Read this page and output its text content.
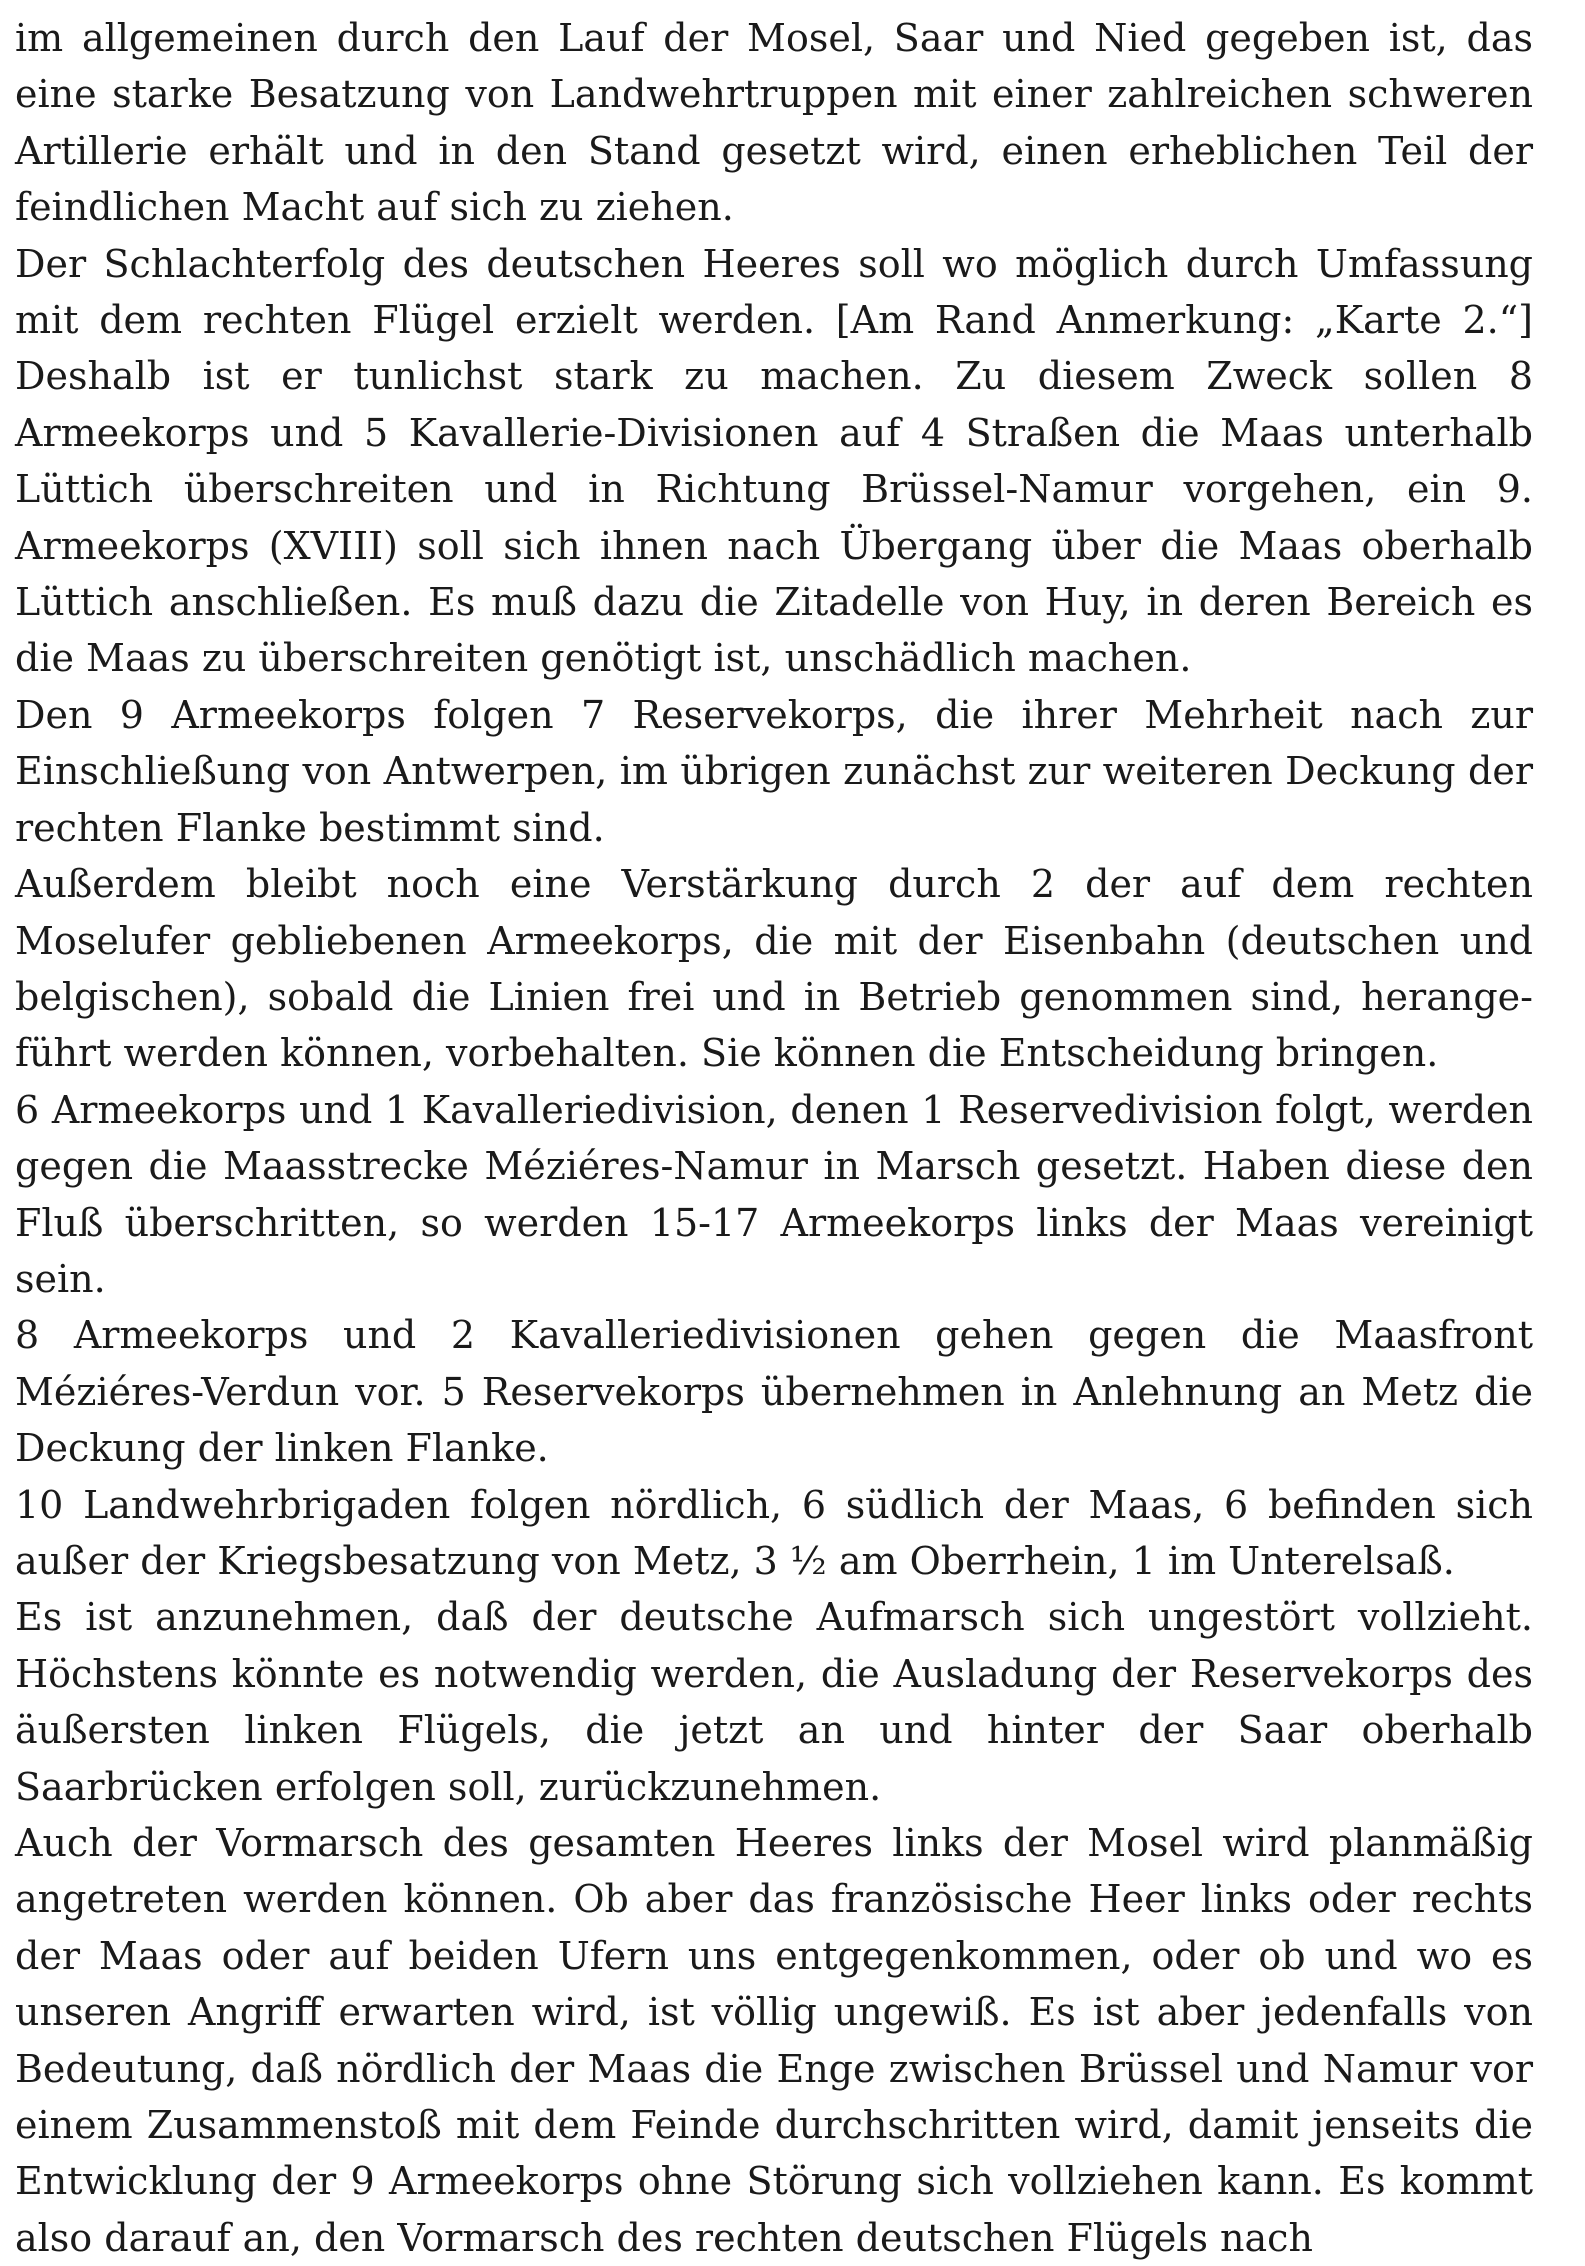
im allgemeinen durch den Lauf der Mosel, Saar und Nied gegeben ist, das eine starke Besatzung von Landwehrtruppen mit einer zahlreichen schweren Artillerie erhält und in den Stand gesetzt wird, einen erheblichen Teil der feindlichen Macht auf sich zu ziehen.

Der Schlachterfolg des deutschen Heeres soll wo möglich durch Umfassung mit dem rechten Flügel erzielt werden. [Am Rand Anmerkung: „Karte 2.“] Deshalb ist er tunlichst stark zu machen. Zu diesem Zweck sollen 8 Armeekorps und 5 Kavallerie-Divisionen auf 4 Straßen die Maas unterhalb Lüttich überschreiten und in Richtung Brüssel-Namur vorgehen, ein 9. Armeekorps (XVIII) soll sich ihnen nach Übergang über die Maas oberhalb Lüttich anschließen. Es muß dazu die Zitadelle von Huy, in deren Bereich es die Maas zu überschreiten genötigt ist, unschädlich machen.

Den 9 Armeekorps folgen 7 Reservekorps, die ihrer Mehrheit nach zur Einschließung von Antwerpen, im übrigen zunächst zur weiteren Deckung der rechten Flanke bestimmt sind.

Außerdem bleibt noch eine Verstärkung durch 2 der auf dem rechten Moselufer gebliebenen Armeekorps, die mit der Eisenbahn (deutschen und belgischen), sobald die Linien frei und in Betrieb genommen sind, herangeführt werden können, vorbehalten. Sie können die Entscheidung bringen.

6 Armeekorps und 1 Kavalleriedivision, denen 1 Reservedivision folgt, werden gegen die Maasstrecke Méziéres-Namur in Marsch gesetzt. Haben diese den Fluß überschritten, so werden 15-17 Armeekorps links der Maas vereinigt sein.

8 Armeekorps und 2 Kavalleriedivisionen gehen gegen die Maasfront Méziéres-Verdun vor. 5 Reservekorps übernehmen in Anlehnung an Metz die Deckung der linken Flanke.

10 Landwehrbrigaden folgen nördlich, 6 südlich der Maas, 6 befinden sich außer der Kriegsbesatzung von Metz, 3 ½ am Oberrhein, 1 im Unterelsaß.

Es ist anzunehmen, daß der deutsche Aufmarsch sich ungestört vollzieht. Höchstens könnte es notwendig werden, die Ausladung der Reservekorps des äußersten linken Flügels, die jetzt an und hinter der Saar oberhalb Saarbrücken erfolgen soll, zurückzunehmen.

Auch der Vormarsch des gesamten Heeres links der Mosel wird planmäßig angetreten werden können. Ob aber das französische Heer links oder rechts der Maas oder auf beiden Ufern uns entgegenkommen, oder ob und wo es unseren Angriff erwarten wird, ist völlig ungewiß. Es ist aber jedenfalls von Bedeutung, daß nördlich der Maas die Enge zwischen Brüssel und Namur vor einem Zusammenstoß mit dem Feinde durchschritten wird, damit jenseits die Entwicklung der 9 Armeekorps ohne Störung sich vollziehen kann. Es kommt also darauf an, den Vormarsch des rechten deutschen Flügels nach
